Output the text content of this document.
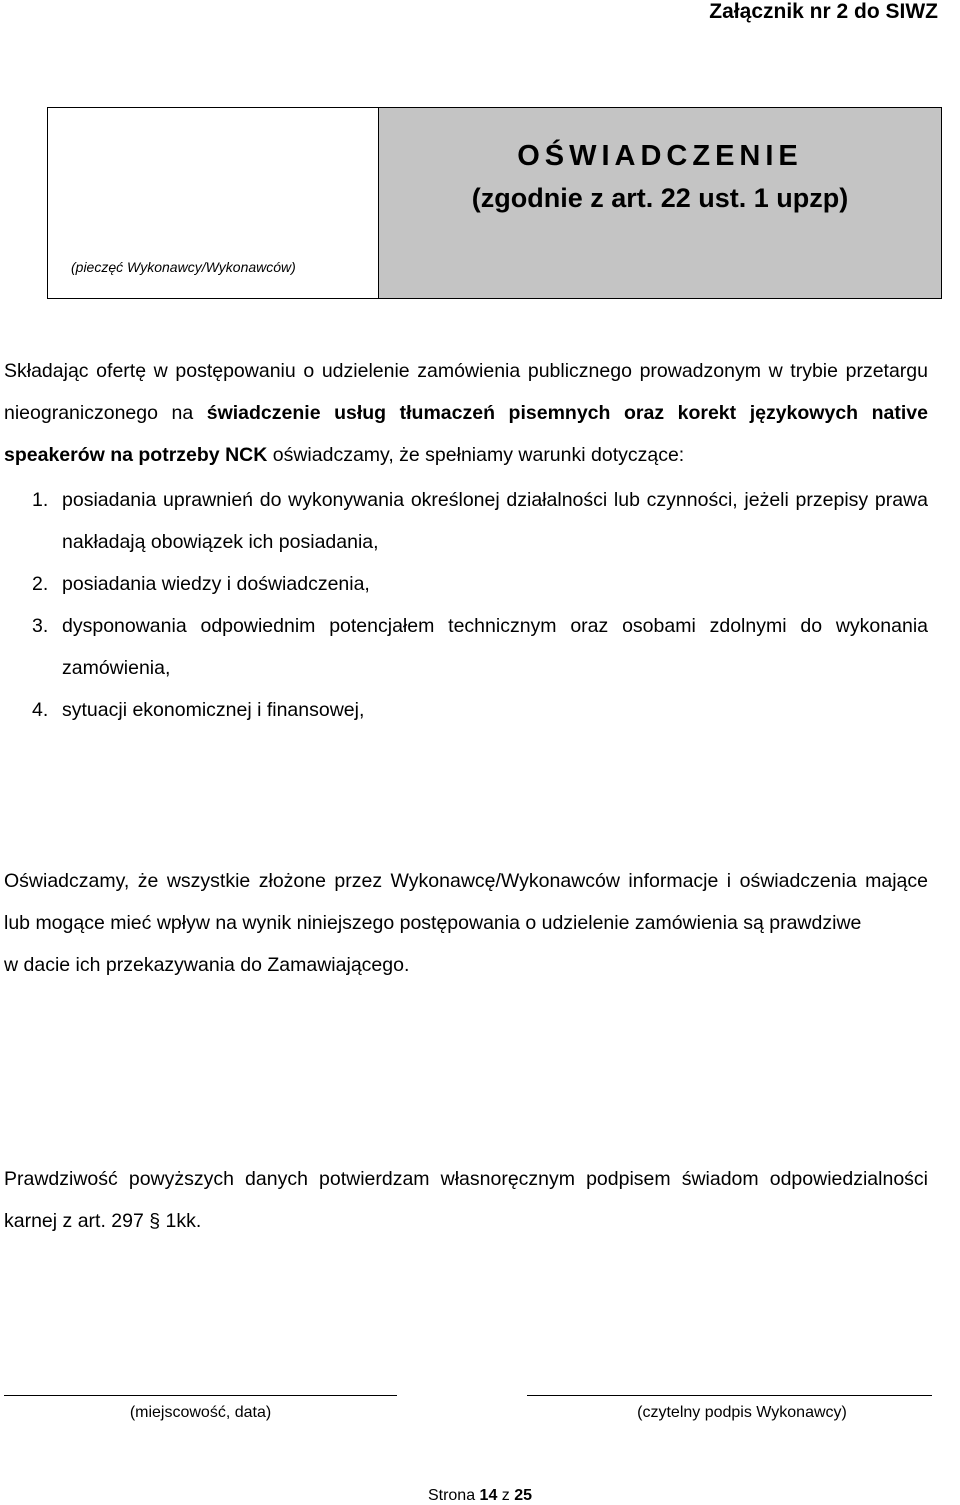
Załącznik nr 2 do SIWZ
(pieczęć Wykonawcy/Wykonawców)
OŚWIADCZENIE
(zgodnie z art. 22 ust. 1 upzp)
Składając ofertę w postępowaniu o udzielenie zamówienia publicznego prowadzonym w trybie przetargu nieograniczonego na świadczenie usług tłumaczeń pisemnych oraz korekt językowych native speakerów na potrzeby NCK oświadczamy, że spełniamy warunki dotyczące:
1. posiadania uprawnień do wykonywania określonej działalności lub czynności, jeżeli przepisy prawa nakładają obowiązek ich posiadania,
2. posiadania wiedzy i doświadczenia,
3. dysponowania odpowiednim potencjałem technicznym oraz osobami zdolnymi do wykonania zamówienia,
4. sytuacji ekonomicznej i finansowej,
Oświadczamy, że wszystkie złożone przez Wykonawcę/Wykonawców informacje i oświadczenia mające lub mogące mieć wpływ na wynik niniejszego postępowania o udzielenie zamówienia są prawdziwe
w dacie ich przekazywania do Zamawiającego.
Prawdziwość powyższych danych potwierdzam własnoręcznym podpisem świadom odpowiedzialności karnej z art. 297 § 1kk.
(miejscowość, data)	(czytelny podpis Wykonawcy)
Strona 14 z 25
